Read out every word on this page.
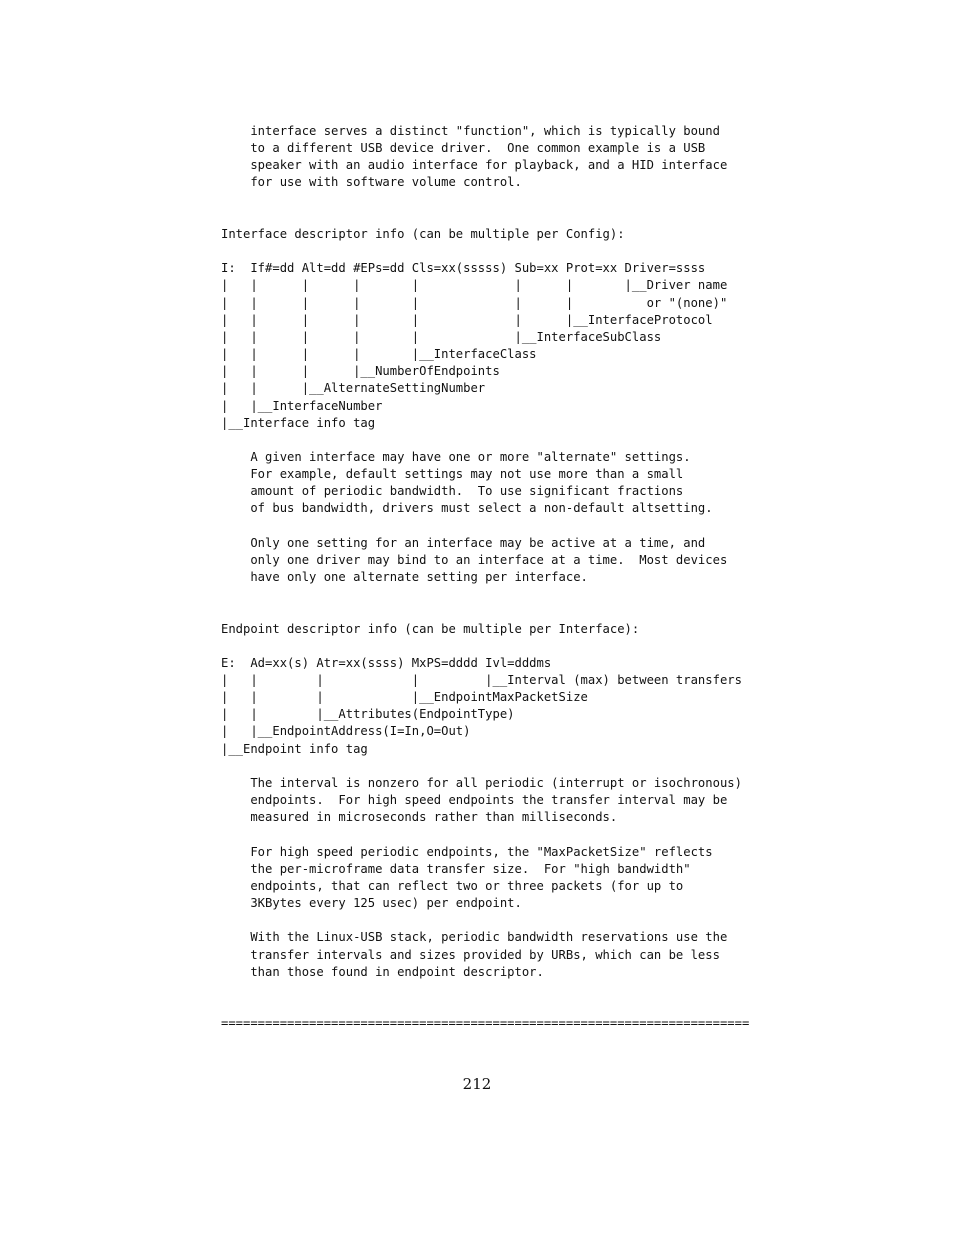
interface serves a distinct "function", which is typically bound
to a different USB device driver.  One common example is a USB
speaker with an audio interface for playback, and a HID interface
for use with software volume control.

Interface descriptor info (can be multiple per Config):

I:  If#=dd Alt=dd #EPs=dd Cls=xx(sssss) Sub=xx Prot=xx Driver=ssss
|   |      |      |       |             |      |       |__Driver name
|   |      |      |       |             |      |          or "(none)"
|   |      |      |       |             |      |__InterfaceProtocol
|   |      |      |       |             |__InterfaceSubClass
|   |      |      |       |__InterfaceClass
|   |      |      |__NumberOfEndpoints
|   |      |__AlternateSettingNumber
|   |__InterfaceNumber
|__Interface info tag

A given interface may have one or more "alternate" settings.
For example, default settings may not use more than a small
amount of periodic bandwidth.  To use significant fractions
of bus bandwidth, drivers must select a non-default altsetting.

Only one setting for an interface may be active at a time, and
only one driver may bind to an interface at a time.  Most devices
have only one alternate setting per interface.

Endpoint descriptor info (can be multiple per Interface):

E:  Ad=xx(s) Atr=xx(ssss) MxPS=dddd Ivl=dddms
|   |        |            |         |__Interval (max) between transfers
|   |        |            |__EndpointMaxPacketSize
|   |        |__Attributes(EndpointType)
|   |__EndpointAddress(I=In,O=Out)
|__Endpoint info tag

The interval is nonzero for all periodic (interrupt or isochronous)
endpoints.  For high speed endpoints the transfer interval may be
measured in microseconds rather than milliseconds.

For high speed periodic endpoints, the "MaxPacketSize" reflects
the per-microframe data transfer size.  For "high bandwidth"
endpoints, that can reflect two or three packets (for up to
3KBytes every 125 usec) per endpoint.

With the Linux-USB stack, periodic bandwidth reservations use the
transfer intervals and sizes provided by URBs, which can be less
than those found in endpoint descriptor.

========================================================================
212
